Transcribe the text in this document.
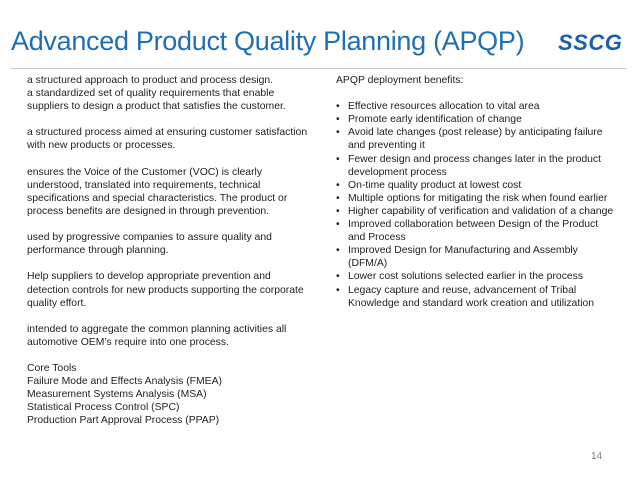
Advanced Product Quality Planning (APQP) SSCG

a structured approach to product and process design.
a standardized set of quality requirements that enable suppliers to design a product that satisfies the customer.

a structured process aimed at ensuring customer satisfaction with new products or processes.

ensures the Voice of the Customer (VOC) is clearly understood, translated into requirements, technical specifications and special characteristics. The product or process benefits are designed in through prevention.

used by progressive companies to assure quality and performance through planning.

Help suppliers to develop appropriate prevention and detection controls for new products supporting the corporate quality effort.

intended to aggregate the common planning activities all automotive OEM’s require into one process.

Core Tools

Failure Mode and Effects Analysis (FMEA)

Measurement Systems Analysis (MSA)

Statistical Process Control (SPC)

Production Part Approval Process (PPAP)

APQP deployment benefits:

• Effective resources allocation to vital area
• Promote early identification of change
• Avoid late changes (post release) by anticipating failure and preventing it
• Fewer design and process changes later in the product development process
• On-time quality product at lowest cost
• Multiple options for mitigating the risk when found earlier
• Higher capability of verification and validation of a change
• Improved collaboration between Design of the Product and Process
• Improved Design for Manufacturing and Assembly (DFM/A)
• Lower cost solutions selected earlier in the process
• Legacy capture and reuse, advancement of Tribal Knowledge and standard work creation and utilization
14
